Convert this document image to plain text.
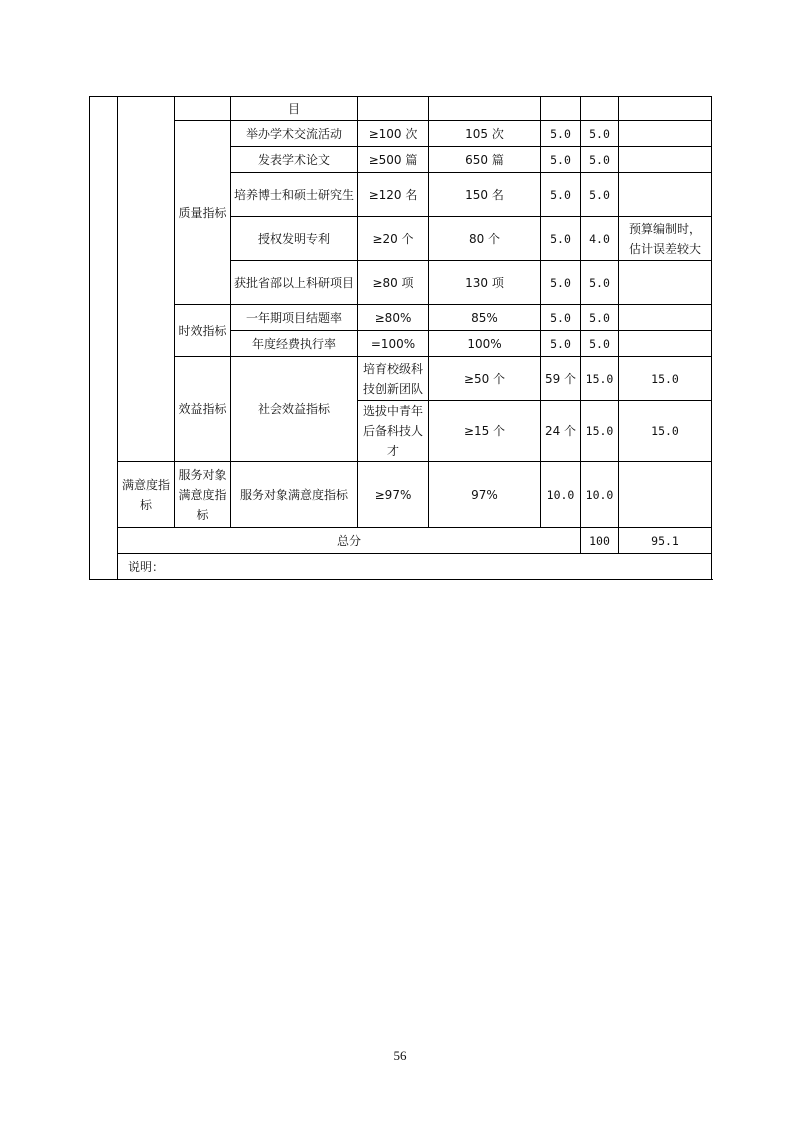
			目						
		质量指标	举办学术交流活动	≥100 次	105 次	5.0	5.0		
			发表学术论文	≥500 篇	650 篇	5.0	5.0		
			培养博士和硕士研究生	≥120 名	150 名	5.0	5.0		
			授权发明专利	≥20 个	80 个	5.0	4.0	预算编制时，估计误差较大	
			获批省部以上科研项目	≥80 项	130 项	5.0	5.0		
		时效指标	一年期项目结题率	≥80%	85%	5.0	5.0		
			年度经费执行率	=100%	100%	5.0	5.0		
		效益指标	社会效益指标	培育校级科技创新团队	≥50 个	59 个	15.0	15.0	
				选拔中青年后备科技人才	≥15 个	24 个	15.0	15.0	
	满意度指标	服务对象满意度指标	服务对象满意度指标	≥97%	97%	10.0	10.0		
	总分						100	95.1	
	说明：								
56
